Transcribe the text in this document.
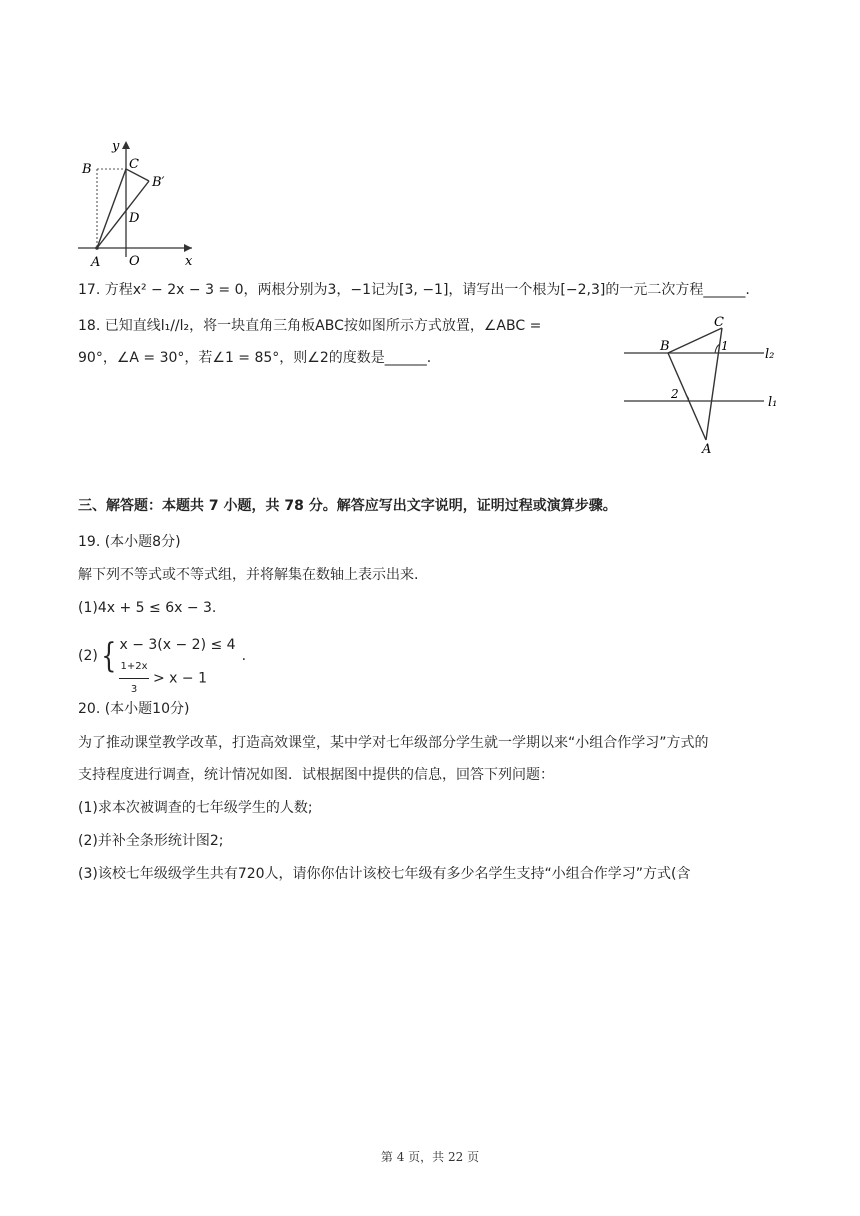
y
x
B	C
B′
D
A O
17. 方程x² − 2x − 3 = 0，两根分别为3，−1记为[3, −1]，请写出一个根为[−2,3]的一元二次方程______.
18. 已知直线l₁//l₂，将一块直角三角板ABC按如图所示方式放置，∠ABC =
90°，∠A = 30°，若∠1 = 85°，则∠2的度数是______.
C
B	1
l₂
2
l₁
A
三、解答题：本题共 7 小题，共 78 分。解答应写出文字说明，证明过程或演算步骤。
19. (本小题8分)
解下列不等式或不等式组，并将解集在数轴上表示出来.
(1)4x + 5 ≤ 6x − 3.
(2){ x − 3(x − 2) ≤ 4
$\frac{1+2x}{3} > x - 1$
.
20. (本小题10分)
为了推动课堂教学改革，打造高效课堂，某中学对七年级部分学生就一学期以来“小组合作学习”方式的
支持程度进行调查，统计情况如图．试根据图中提供的信息，回答下列问题：
(1)求本次被调查的七年级学生的人数;
(2)并补全条形统计图2;
(3)该校七年级级学生共有720人，请你你估计该校七年级有多少名学生支持“小组合作学习”方式(含
第 4 页，共 22 页
